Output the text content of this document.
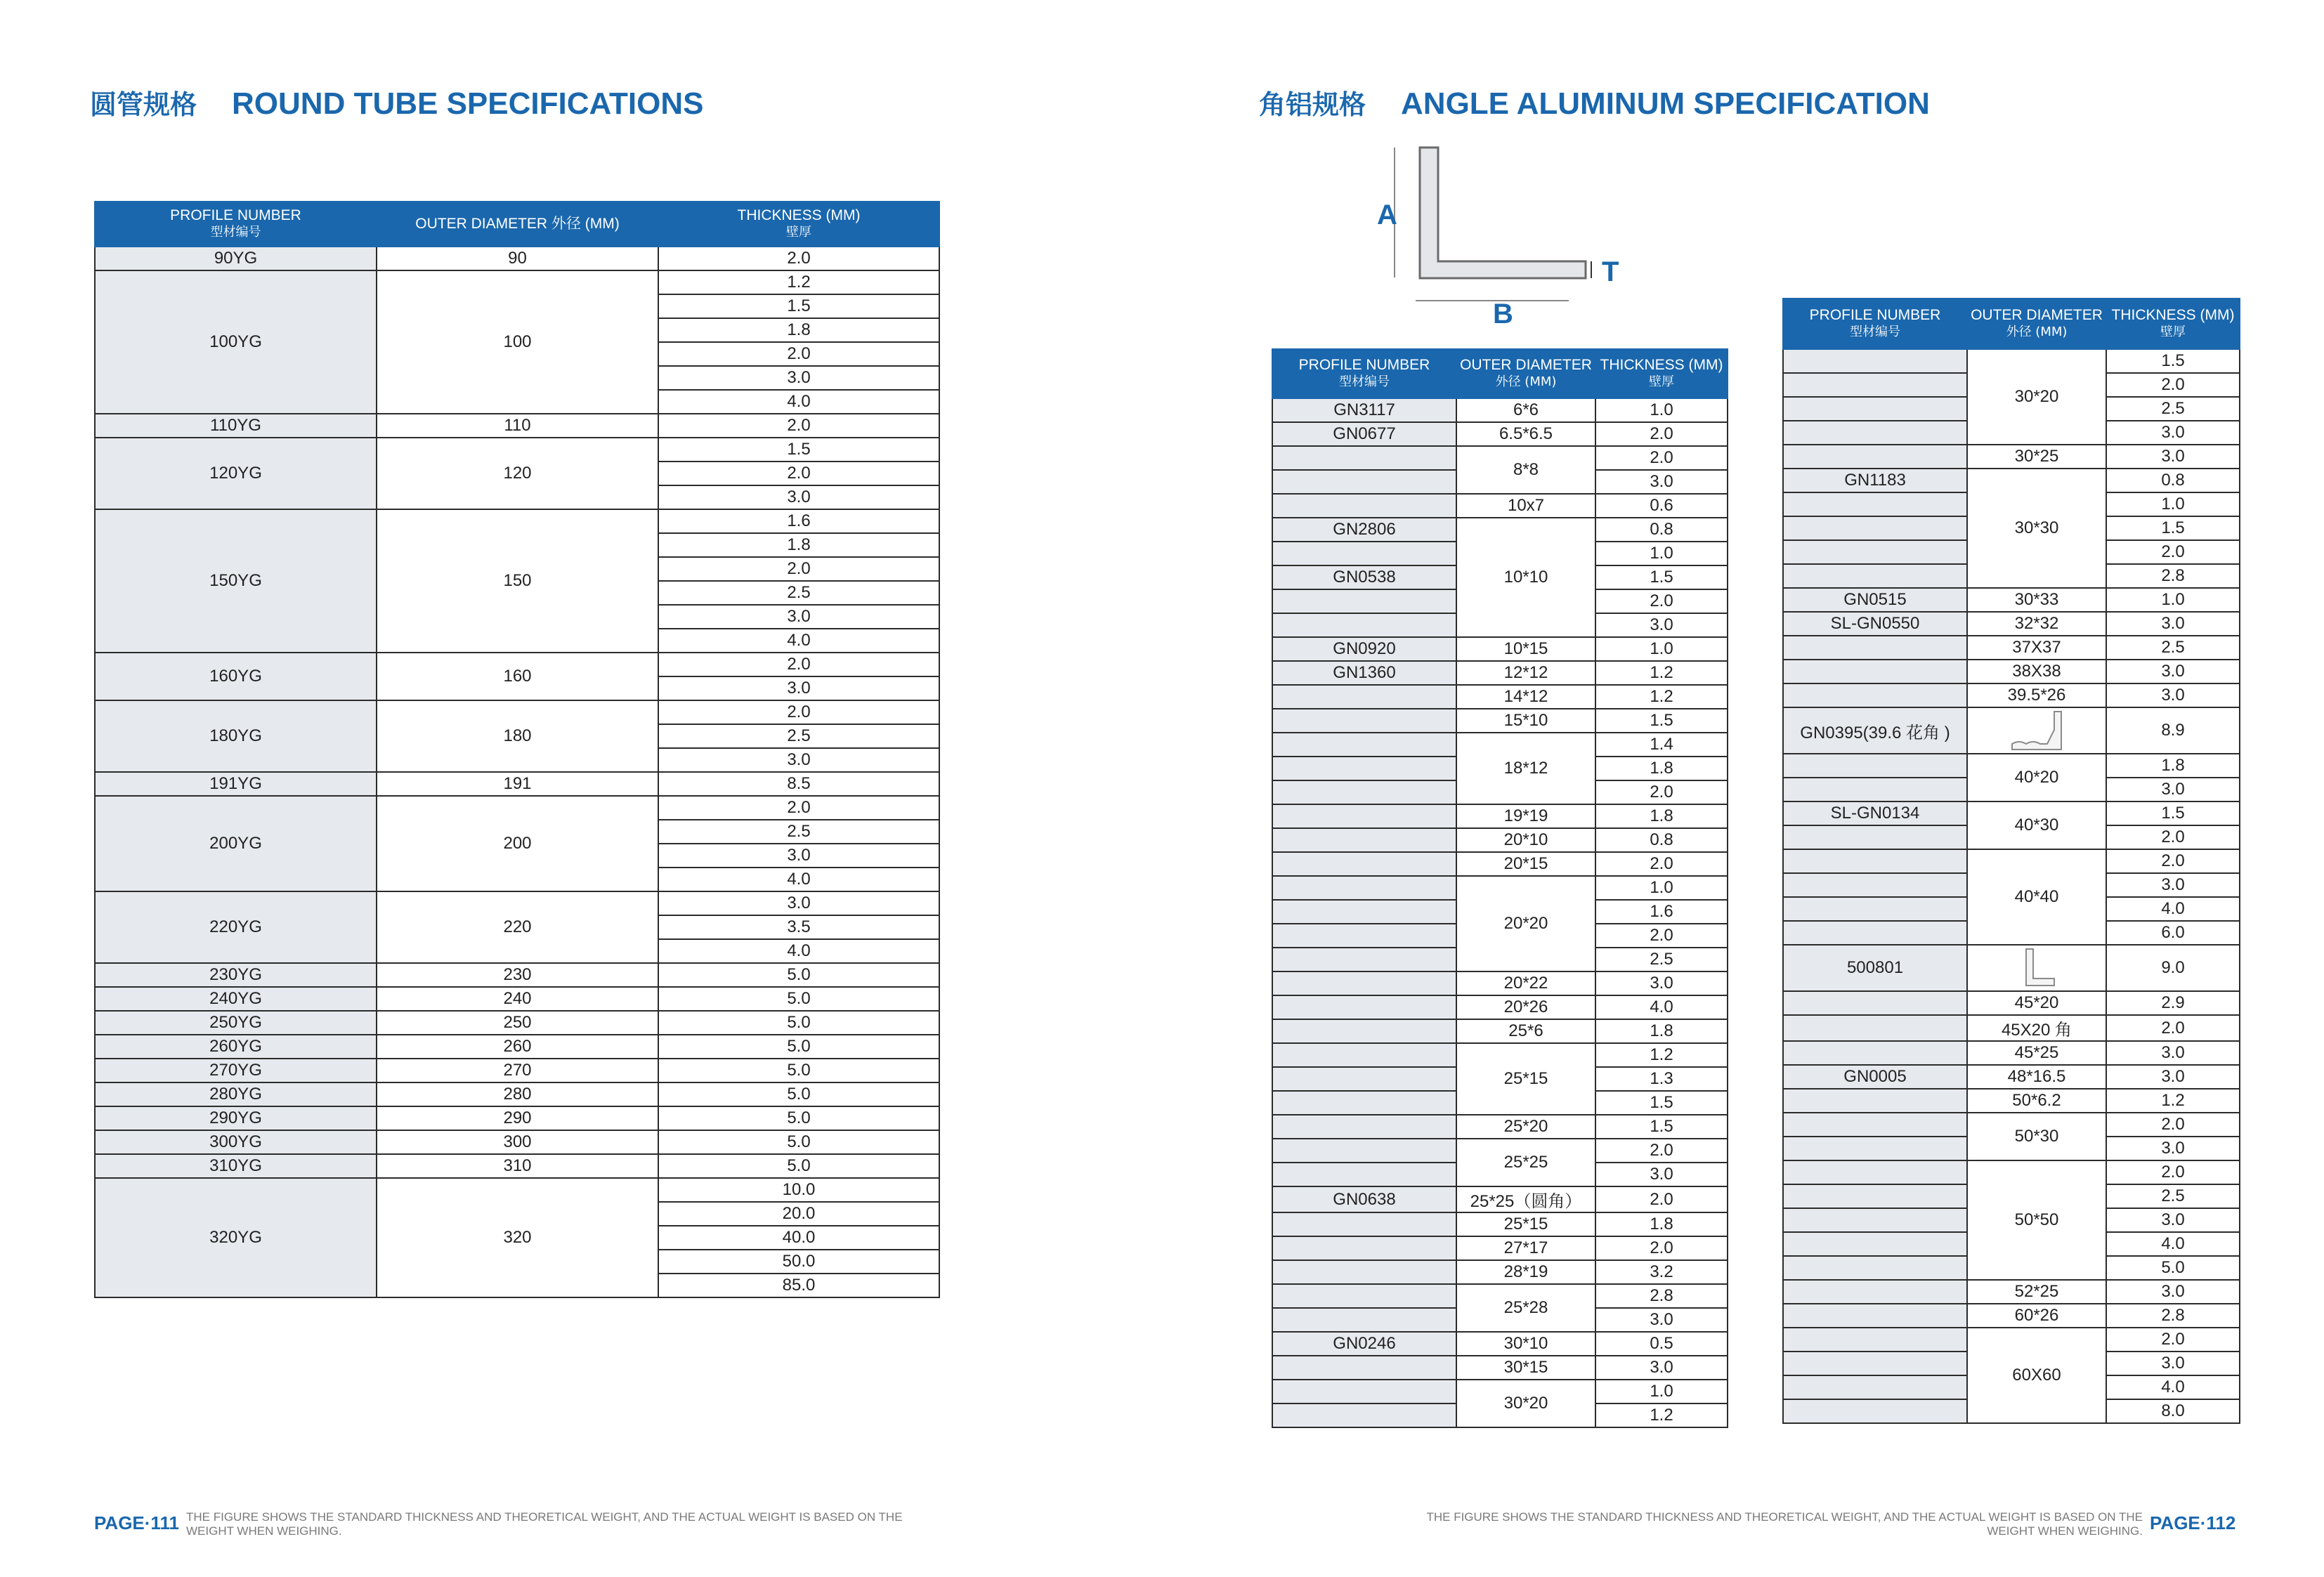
圆管规格 ROUND TUBE SPECIFICATIONS
PROFILE NUMBER
型材编号	OUTER DIAMETER 外径 (MM)	THICKNESS (MM)
壁厚

90YG	90	2.0
100YG	100	1.2
		1.5
		1.8
		2.0
		3.0
		4.0
110YG	110	2.0
120YG	120	1.5
		2.0
		3.0
150YG	150	1.6
		1.8
		2.0
		2.5
		3.0
		4.0
160YG	160	2.0
		3.0
180YG	180	2.0
		2.5
		3.0
191YG	191	8.5
200YG	200	2.0
		2.5
		3.0
		4.0
220YG	220	3.0
		3.5
		4.0
230YG	230	5.0
240YG	240	5.0
250YG	250	5.0
260YG	260	5.0
270YG	270	5.0
280YG	280	5.0
290YG	290	5.0
300YG	300	5.0
310YG	310	5.0
320YG	320	10.0
		20.0
		40.0
		50.0
		85.0
THE FIGURE SHOWS THE STANDARD THICKNESS AND THEORETICAL WEIGHT, AND THE ACTUAL WEIGHT IS BASED ON THE WEIGHT WHEN WEIGHING.
PAGE·111
角铝规格 ANGLE ALUMINUM SPECIFICATION
A
B
T
PROFILE NUMBER
型材编号	OUTER DIAMETER
外径 (MM)	THICKNESS (MM)
壁厚

GN3117	6*6	1.0
GN0677	6.5*6.5	2.0
	8*8	2.0
		3.0
	10x7	0.6
GN2806	10*10	0.8
		1.0
GN0538		1.5
		2.0
		3.0
GN0920	10*15	1.0
GN1360	12*12	1.2
	14*12	1.2
	15*10	1.5
	18*12	1.4
		1.8
		2.0
	19*19	1.8
	20*10	0.8
	20*15	2.0
	20*20	1.0
		1.6
		2.0
		2.5
	20*22	3.0
	20*26	4.0
	25*6	1.8
	25*15	1.2
		1.3
		1.5
	25*20	1.5
	25*25	2.0
		3.0
GN0638	25*25（圆角）	2.0
	25*15	1.8
	27*17	2.0
	28*19	3.2
	25*28	2.8
		3.0
GN0246	30*10	0.5
	30*15	3.0
	30*20	1.0
		1.2
PROFILE NUMBER
型材编号	OUTER DIAMETER
外径 (MM)	THICKNESS (MM)
壁厚

	30*20	1.5
		2.0
		2.5
		3.0
	30*25	3.0
GN1183	30*30	0.8
		1.0
		1.5
		2.0
		2.8
GN0515	30*33	1.0
SL-GN0550	32*32	3.0
	37X37	2.5
	38X38	3.0
	39.5*26	3.0
GN0395(39.6 花角 )		8.9
	40*20	1.8
		3.0
SL-GN0134	40*30	1.5
		2.0
	40*40	2.0
		3.0
		4.0
		6.0
500801		9.0
	45*20	2.9
	45X20 角	2.0
	45*25	3.0
GN0005	48*16.5	3.0
	50*6.2	1.2
	50*30	2.0
		3.0
	50*50	2.0
		2.5
		3.0
		4.0
		5.0
	52*25	3.0
	60*26	2.8
	60X60	2.0
		3.0
		4.0
		8.0
THE FIGURE SHOWS THE STANDARD THICKNESS AND THEORETICAL WEIGHT, AND THE ACTUAL WEIGHT IS BASED ON THE WEIGHT WHEN WEIGHING. PAGE·112
